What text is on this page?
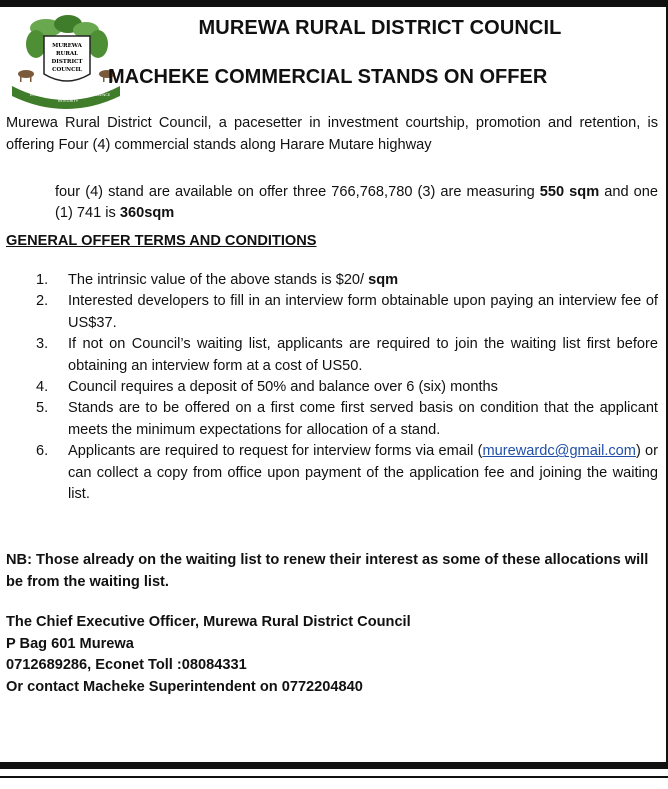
MUREWA
RURAL
DISTRICT
COUNCIL
EMPOWERMENT
INTEGRITY
EXCELLENCE
MUREWA RURAL DISTRICT COUNCIL
MACHEKE COMMERCIAL STANDS ON OFFER
Murewa Rural District Council, a pacesetter in investment courtship, promotion and retention, is offering Four (4) commercial stands along Harare Mutare highway
four (4) stand are available on offer three 766,768,780 (3) are measuring 550 sqm and one (1) 741 is 360sqm
GENERAL OFFER TERMS AND CONDITIONS
1. The intrinsic value of the above stands is $20/ sqm
2. Interested developers to fill in an interview form obtainable upon paying an interview fee of US$37.
3. If not on Council’s waiting list, applicants are required to join the waiting list first before obtaining an interview form at a cost of US50.
4. Council requires a deposit of 50% and balance over 6 (six) months
5. Stands are to be offered on a first come first served basis on condition that the applicant meets the minimum expectations for allocation of a stand.
6. Applicants are required to request for interview forms via email (murewardc@gmail.com) or can collect a copy from office upon payment of the application fee and joining the waiting list.
NB: Those already on the waiting list to renew their interest as some of these allocations will be from the waiting list.
The Chief Executive Officer, Murewa Rural District Council
P Bag 601 Murewa
0712689286, Econet Toll :08084331
Or contact Macheke Superintendent on 0772204840
